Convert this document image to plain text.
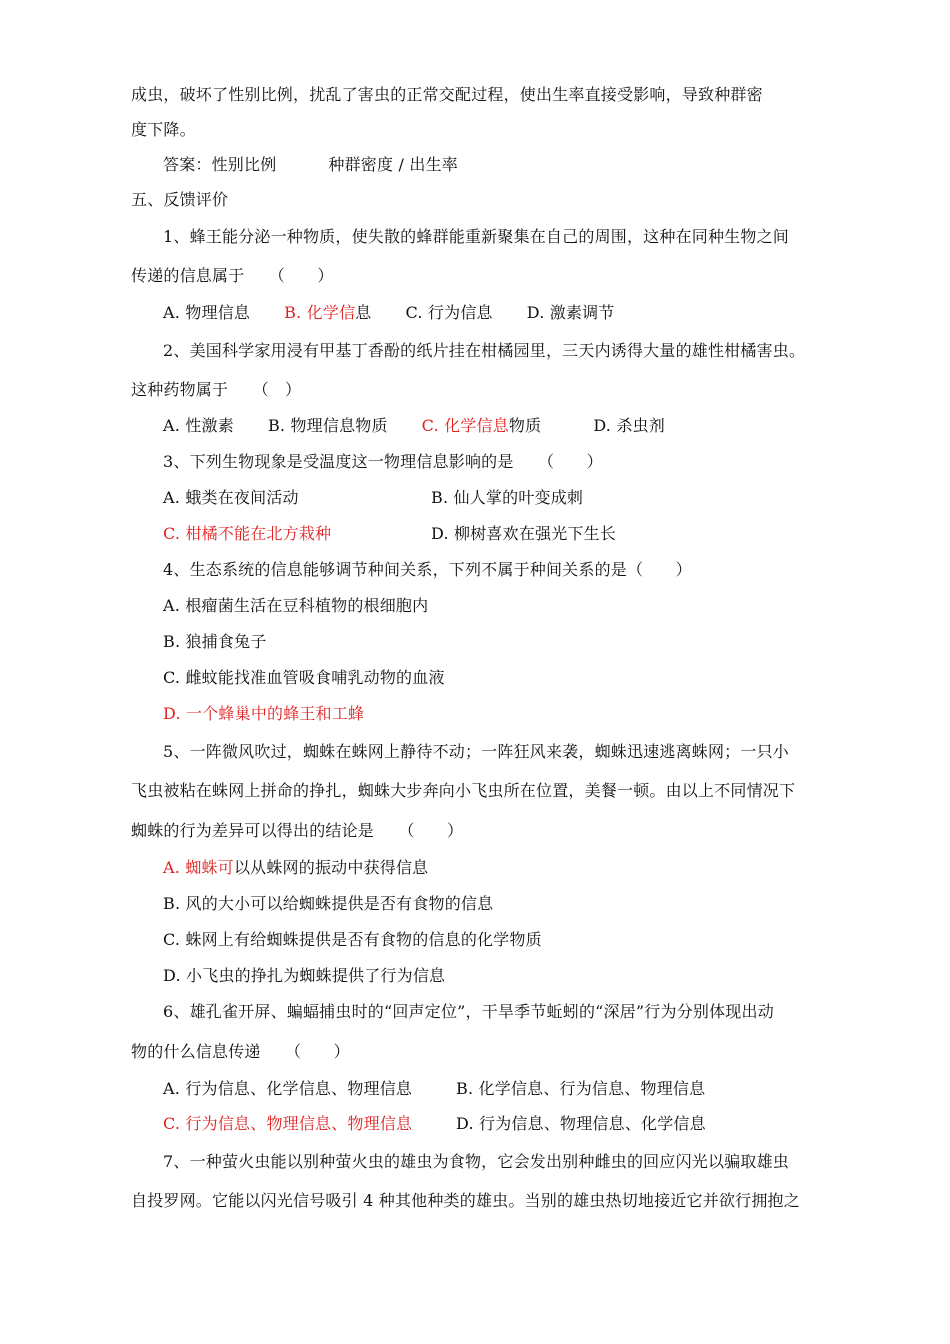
成虫，破坏了性别比例，扰乱了害虫的正常交配过程，使出生率直接受影响，导致种群密

度下降。

答案：性别比例	种群密度 / 出生率

五、反馈评价

1、蜂王能分泌一种物质，使失散的蜂群能重新聚集在自己的周围，这种在同种生物之间

传递的信息属于　　（　　）

A. 物理信息 B. 化学信息 C. 行为信息 D. 激素调节

2、美国科学家用浸有甲基丁香酚的纸片挂在柑橘园里，三天内诱得大量的雄性柑橘害虫。

这种药物属于　　（　）

A. 性激素 B. 物理信息物质 C. 化学信息物质	D. 杀虫剂

3、下列生物现象是受温度这一物理信息影响的是　　（　　）

A. 蛾类在夜间活动	B. 仙人掌的叶变成刺

C. 柑橘不能在北方栽种	D. 柳树喜欢在强光下生长

4、生态系统的信息能够调节种间关系，下列不属于种间关系的是（　　）

A. 根瘤菌生活在豆科植物的根细胞内

B. 狼捕食兔子

C. 雌蚊能找准血管吸食哺乳动物的血液

D. 一个蜂巢中的蜂王和工蜂

5、一阵微风吹过，蜘蛛在蛛网上静待不动；一阵狂风来袭，蜘蛛迅速逃离蛛网；一只小

飞虫被粘在蛛网上拼命的挣扎，蜘蛛大步奔向小飞虫所在位置，美餐一顿。由以上不同情况下

蜘蛛的行为差异可以得出的结论是　　（　　）

A. 蜘蛛可以从蛛网的振动中获得信息

B. 风的大小可以给蜘蛛提供是否有食物的信息

C. 蛛网上有给蜘蛛提供是否有食物的信息的化学物质

D. 小飞虫的挣扎为蜘蛛提供了行为信息

6、雄孔雀开屏、蝙蝠捕虫时的“回声定位”，干旱季节蚯蚓的“深居”行为分别体现出动

物的什么信息传递　　（　　）

A. 行为信息、化学信息、物理信息	B. 化学信息、行为信息、物理信息

C. 行为信息、物理信息、物理信息	D. 行为信息、物理信息、化学信息

7、一种萤火虫能以别种萤火虫的雄虫为食物，它会发出别种雌虫的回应闪光以骗取雄虫

自投罗网。它能以闪光信号吸引 4 种其他种类的雄虫。当别的雄虫热切地接近它并欲行拥抱之
